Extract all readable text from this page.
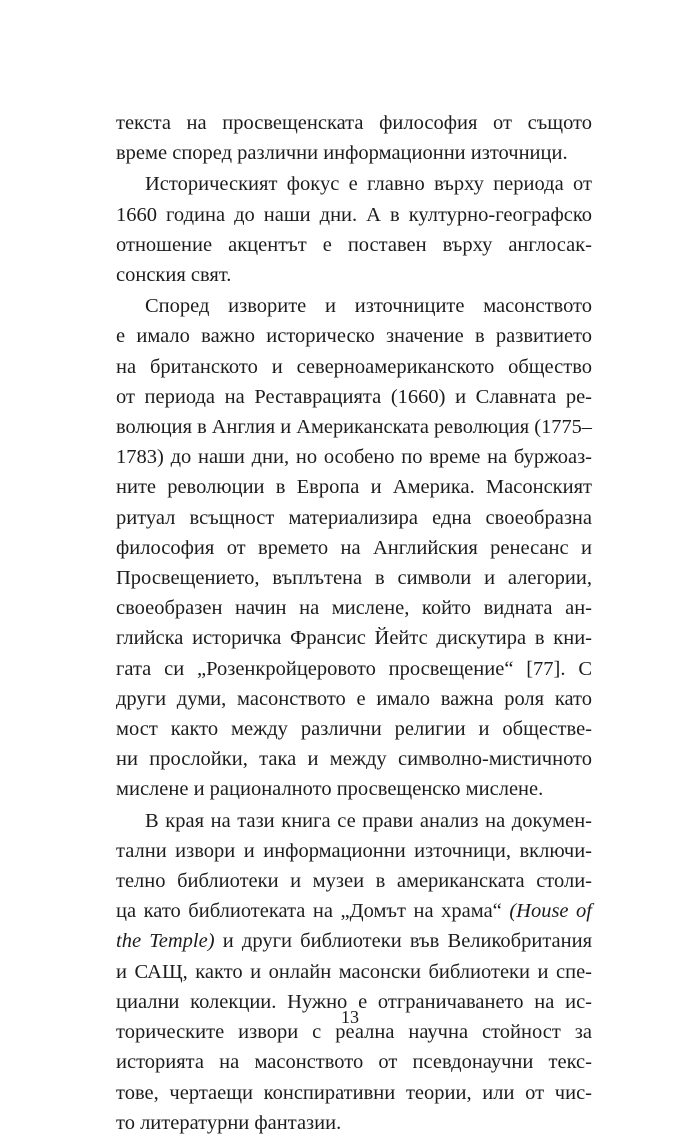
текста на просвещенската философия от същото
време според различни информационни източници.

Историческият фокус е главно върху периода от
1660 година до наши дни. А в културно-географско
отношение акцентът е поставен върху англосак-
сонския свят.

Според изворите и източниците масонството
е имало важно историческо значение в развитието
на британското и северноамериканското общество
от периода на Реставрацията (1660) и Славната ре-
волюция в Англия и Американската революция (1775–
1783) до наши дни, но особено по време на буржоаз-
ните революции в Европа и Америка. Масонският
ритуал всъщност материализира една своеобразна
философия от времето на Английския ренесанс и
Просвещението, въплътена в символи и алегории,
своеобразен начин на мислене, който видната ан-
глийска историчка Франсис Йейтс дискутира в кни-
гата си „Розенкройцеровото просвещение“ [77]. С
други думи, масонството е имало важна роля като
мост както между различни религии и обществе-
ни прослойки, така и между символно-мистичното
мислене и рационалното просвещенско мислене.

В края на тази книга се прави анализ на докумен-
тални извори и информационни източници, включи-
телно библиотеки и музеи в американската столи-
ца като библиотеката на „Домът на храма“ (House of
the Temple) и други библиотеки във Великобритания
и САЩ, както и онлайн масонски библиотеки и спе-
циални колекции. Нужно е отграничаването на ис-
торическите извори с реална научна стойност за
историята на масонството от псевдонаучни текс-
тове, чертаещи конспиративни теории, или от чис-
то литературни фантазии.

13
